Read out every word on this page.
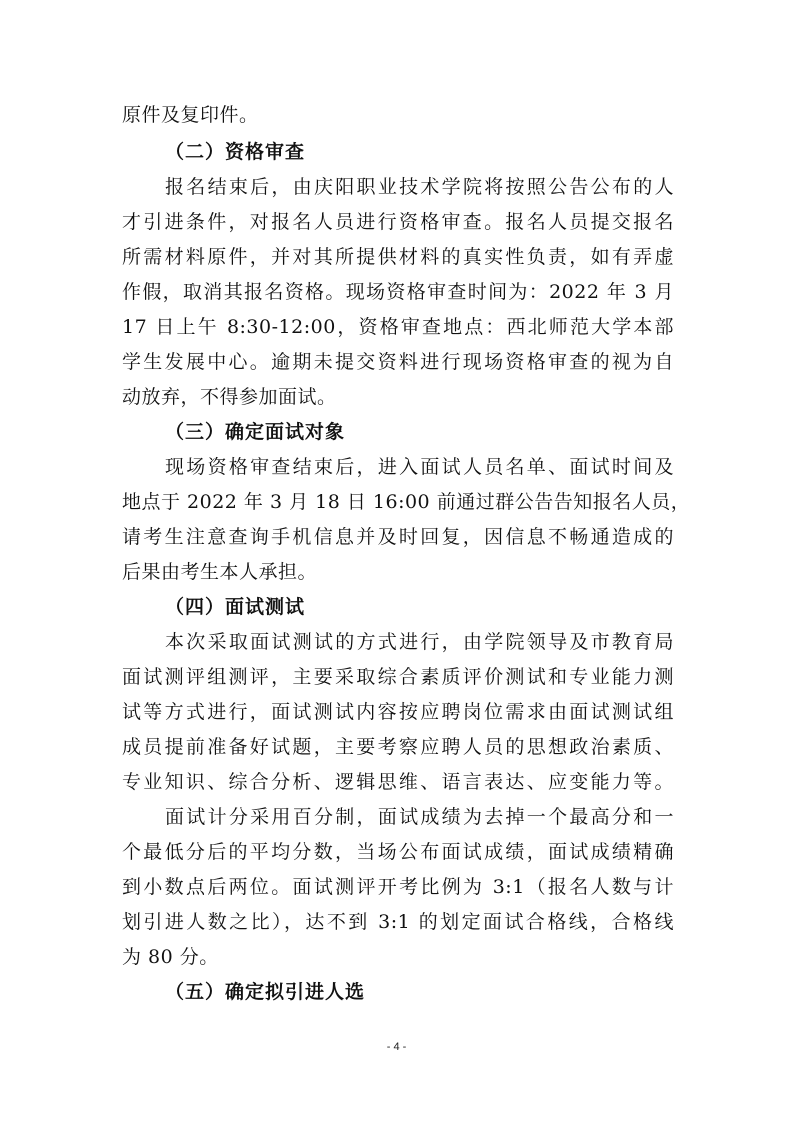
原件及复印件。
（二）资格审查
报名结束后，由庆阳职业技术学院将按照公告公布的人
才引进条件，对报名人员进行资格审查。报名人员提交报名
所需材料原件，并对其所提供材料的真实性负责，如有弄虚
作假，取消其报名资格。现场资格审查时间为：2022 年 3 月
17 日上午 8:30-12:00，资格审查地点：西北师范大学本部
学生发展中心。逾期未提交资料进行现场资格审查的视为自
动放弃，不得参加面试。
（三）确定面试对象
现场资格审查结束后，进入面试人员名单、面试时间及
地点于 2022 年 3 月 18 日 16:00 前通过群公告告知报名人员，
请考生注意查询手机信息并及时回复，因信息不畅通造成的
后果由考生本人承担。
（四）面试测试
本次采取面试测试的方式进行，由学院领导及市教育局
面试测评组测评，主要采取综合素质评价测试和专业能力测
试等方式进行，面试测试内容按应聘岗位需求由面试测试组
成员提前准备好试题，主要考察应聘人员的思想政治素质、
专业知识、综合分析、逻辑思维、语言表达、应变能力等。
面试计分采用百分制，面试成绩为去掉一个最高分和一
个最低分后的平均分数，当场公布面试成绩，面试成绩精确
到小数点后两位。面试测评开考比例为 3:1（报名人数与计
划引进人数之比），达不到 3:1 的划定面试合格线，合格线
为 80 分。
（五）确定拟引进人选
- 4 -
